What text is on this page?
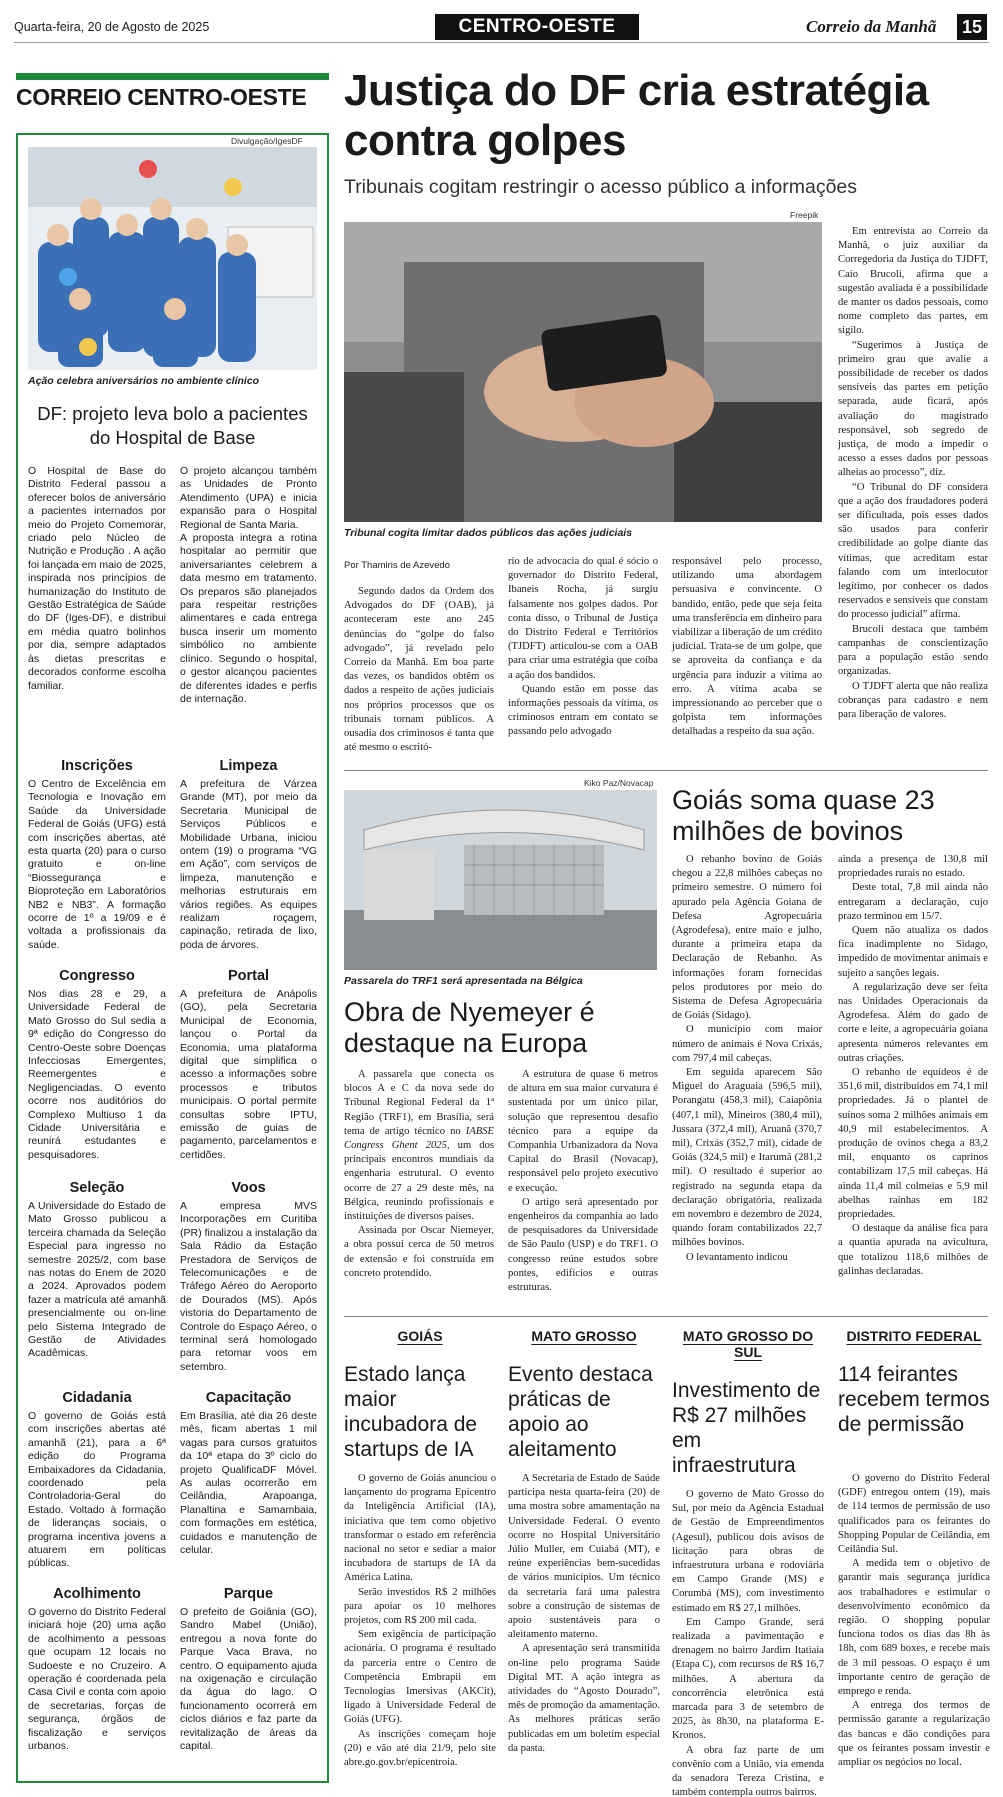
Quarta-feira, 20 de Agosto de 2025	CENTRO-OESTE	Correio da Manhã 15
CORREIO CENTRO-OESTE
Divulgação/IgesDF
Ação celebra aniversários no ambiente clínico
DF: projeto leva bolo a pacientes do Hospital de Base

O Hospital de Base do Distrito Federal passou a oferecer bolos de aniversário a pacientes internados por meio do Projeto Comemorar, criado pelo Núcleo de Nutrição e Produção . A ação foi lançada em maio de 2025, inspirada nos princípios de humanização do Instituto de Gestão Estratégica de Saúde do DF (Iges-DF), e distribui em média quatro bolinhos por dia, sempre adaptados às dietas prescritas e decorados conforme escolha familiar.

O projeto alcançou também as Unidades de Pronto Atendimento (UPA) e inicia expansão para o Hospital Regional de Santa Maria.

A proposta integra a rotina hospitalar ao permitir que aniversariantes celebrem a data mesmo em tratamento. Os preparos são planejados para respeitar restrições alimentares e cada entrega busca inserir um momento simbólico no ambiente clínico. Segundo o hospital, o gestor alcançou pacientes de diferentes idades e perfis de internação.

Inscrições
O Centro de Excelência em Tecnologia e Inovação em Saúde da Universidade Federal de Goiás (UFG) está com inscrições abertas, até esta quarta (20) para o curso gratuito e on-line “Biossegurança e Bioproteção em Laboratórios NB2 e NB3”. A formação ocorre de 1º a 19/09 e é voltada a profissionais da saúde.
Limpeza
A prefeitura de Várzea Grande (MT), por meio da Secretaria Municipal de Serviços Públicos e Mobilidade Urbana, iniciou ontem (19) o programa “VG em Ação”, com serviços de limpeza, manutenção e melhorias estruturais em vários regiões. As equipes realizam roçagem, capinação, retirada de lixo, poda de árvores.
Congresso
Nos dias 28 e 29, a Universidade Federal de Mato Grosso do Sul sedia a 9ª edição do Congresso do Centro-Oeste sobre Doenças Infecciosas Emergentes, Reemergentes e Negligenciadas. O evento ocorre nos auditórios do Complexo Multiuso 1 da Cidade Universitária e reunirá estudantes e pesquisadores.
Portal
A prefeitura de Anápolis (GO), pela Secretaria Municipal de Economia, lançou o Portal da Economia, uma plataforma digital que simplifica o acesso a informações sobre processos e tributos municipais. O portal permite consultas sobre IPTU, emissão de guias de pagamento, parcelamentos e certidões.
Seleção
A Universidade do Estado de Mato Grosso publicou a terceira chamada da Seleção Especial para ingresso no semestre 2025/2, com base nas notas do Enem de 2020 a 2024. Aprovados podem fazer a matrícula até amanhã presencialmente ou on-line pelo Sistema Integrado de Gestão de Atividades Acadêmicas.
Voos
A empresa MVS Incorporações em Curitiba (PR) finalizou a instalação da Sala Rádio da Estação Prestadora de Serviços de Telecomunicações e de Tráfego Aéreo do Aeroporto de Dourados (MS). Após vistoria do Departamento de Controle do Espaço Aéreo, o terminal será homologado para retomar voos em setembro.
Cidadania
O governo de Goiás está com inscrições abertas até amanhã (21), para a 6ª edição do Programa Embaixadores da Cidadania, coordenado pela Controladoria-Geral do Estado. Voltado à formação de lideranças sociais, o programa incentiva jovens a atuarem em políticas públicas.
Capacitação
Em Brasília, até dia 26 deste mês, ficam abertas 1 mil vagas para cursos gratuitos da 10ª etapa do 3º ciclo do projeto QualificaDF Móvel. As aulas ocorrerão em Ceilândia, Arapoanga, Planaltina e Samambaia, com formações em estética, cuidados e manutenção de celular.
Acolhimento
O governo do Distrito Federal iniciará hoje (20) uma ação de acolhimento a pessoas que ocupam 12 locais no Sudoeste e no Cruzeiro. A operação é coordenada pela Casa Civil e conta com apoio de secretarias, forças de segurança, órgãos de fiscalização e serviços urbanos.
Parque
O prefeito de Goiânia (GO), Sandro Mabel (União), entregou a nova fonte do Parque Vaca Brava, no centro. O equipamento ajuda na oxigenação e circulação da água do lago. O funcionamento ocorrerá em ciclos diários e faz parte da revitalização de áreas da capital.
Justiça do DF cria estratégia contra golpes
Tribunais cogitam restringir o acesso público a informações
Freepik
Tribunal cogita limitar dados públicos das ações judiciais
Por Thamiris de Azevedo

Segundo dados da Ordem dos Advogados do DF (OAB), já aconteceram este ano 245 denúncias do “golpe do falso advogado”, já revelado pelo Correio da Manhã. Em boa parte das vezes, os bandidos obtêm os dados a respeito de ações judiciais nos próprios processos que os tribunais tornam públicos. A ousadia dos criminosos é tanta que até mesmo o escritó-

rio de advocacia do qual é sócio o governador do Distrito Federal, Ibaneis Rocha, já surgiu falsamente nos golpes dados. Por conta disso, o Tribunal de Justiça do Distrito Federal e Territórios (TJDFT) articulou-se com a OAB para criar uma estratégia que coíba a ação dos bandidos.

Quando estão em posse das informações pessoais da vítima, os criminosos entram em contato se passando pelo advogado

responsável pelo processo, utilizando uma abordagem persuasiva e convincente. O bandido, então, pede que seja feita uma transferência em dinheiro para viabilizar a liberação de um crédito judicial. Trata-se de um golpe, que se aproveita da confiança e da urgência para induzir a vítima ao erro. A vítima acaba se impressionando ao perceber que o golpista tem informações detalhadas a respeito da sua ação.

Em entrevista ao Correio da Manhã, o juiz auxiliar da Corregedoria da Justiça do TJDFT, Caio Brucoli, afirma que a sugestão avaliada é a possibilidade de manter os dados pessoais, como nome completo das partes, em sigilo.

“Sugerimos à Justiça de primeiro grau que avalie a possibilidade de receber os dados sensíveis das partes em petição separada, aude ficará, após avaliação do magistrado responsável, sob segredo de justiça, de modo a impedir o acesso a esses dados por pessoas alheias ao processo”, diz.

“O Tribunal do DF considera que a ação dos fraudadores poderá ser dificultada, pois esses dados são usados para conferir credibilidade ao golpe diante das vítimas, que acreditam estar falando com um interlocutor legítimo, por conhecer os dados reservados e sensíveis que constam do processo judicial” afirma.

Brucoli destaca que também campanhas de conscientização para a população estão sendo organizadas.

O TJDFT alerta que não realiza cobranças para cadastro e nem para liberação de valores.

Kiko Paz/Novacap
Passarela do TRF1 será apresentada na Bélgica
Obra de Nyemeyer é destaque na Europa

A passarela que conecta os blocos A e C da nova sede do Tribunal Regional Federal da 1ª Região (TRF1), em Brasília, será tema de artigo técnico no IABSE Congress Ghent 2025, um dos principais encontros mundiais da engenharia estrutural. O evento ocorre de 27 a 29 deste mês, na Bélgica, reunindo profissionais e instituições de diversos países.

Assinada por Oscar Niemeyer, a obra possui cerca de 50 metros de extensão e foi construída em concreto protendido.

A estrutura de quase 6 metros de altura em sua maior curvatura é sustentada por um único pilar, solução que representou desafio técnico para a equipe da Companhia Urbanizadora da Nova Capital do Brasil (Novacap), responsável pelo projeto executivo e execução.

O artigo será apresentado por engenheiros da companhia ao lado de pesquisadores da Universidade de São Paulo (USP) e do TRF1. O congresso reúne estudos sobre pontes, edifícios e outras estruturas.

Goiás soma quase 23 milhões de bovinos

O rebanho bovino de Goiás chegou a 22,8 milhões cabeças no primeiro semestre. O número foi apurado pela Agência Goiana de Defesa Agropecuária (Agrodefesa), entre maio e julho, durante a primeira etapa da Declaração de Rebanho. As informações foram fornecidas pelos produtores por meio do Sistema de Defesa Agropecuária de Goiás (Sidago).

O município com maior número de animais é Nova Crixás, com 797,4 mil cabeças.

Em seguida aparecem São Miguel do Araguaia (596,5 mil), Porangatu (458,3 mil), Caiapônia (407,1 mil), Mineiros (380,4 mil), Jussara (372,4 mil), Aruanã (370,7 mil), Crixás (352,7 mil), cidade de Goiás (324,5 mil) e Itarumã (281,2 mil). O resultado é superior ao registrado na segunda etapa da declaração obrigatória, realizada em novembro e dezembro de 2024, quando foram contabilizados 22,7 milhões bovinos.

O levantamento indicou

ainda a presença de 130,8 mil propriedades rurais no estado.

Deste total, 7,8 mil ainda não entregaram a declaração, cujo prazo terminou em 15/7.

Quem não atualiza os dados fica inadimplente no Sidago, impedido de movimentar animais e sujeito a sanções legais.

A regularização deve ser feita nas Unidades Operacionais da Agrodefesa. Além do gado de corte e leite, a agropecuária goiana apresenta números relevantes em outras criações.

O rebanho de equídeos é de 351,6 mil, distribuídos em 74,1 mil propriedades. Já o plantel de suínos soma 2 milhões animais em 40,9 mil estabelecimentos. A produção de ovinos chega a 83,2 mil, enquanto os caprinos contabilizam 17,5 mil cabeças. Há ainda 11,4 mil colmeias e 5,9 mil abelhas rainhas em 182 propriedades.

O destaque da análise fica para a quantia apurada na avicultura, que totalizou 118,6 milhões de galinhas declaradas.

GOIÁS
Estado lança maior incubadora de startups de IA

O governo de Goiás anunciou o lançamento do programa Epicentro da Inteligência Artificial (IA), iniciativa que tem como objetivo transformar o estado em referência nacional no setor e sediar a maior incubadora de startups de IA da América Latina.

Serão investidos R$ 2 milhões para apoiar os 10 melhores projetos, com R$ 200 mil cada.

Sem exigência de participação acionária. O programa é resultado da parceria entre o Centro de Competência Embrapii em Tecnologias Imersivas (AKCit), ligado à Universidade Federal de Goiás (UFG).

As inscrições começam hoje (20) e vão até dia 21/9, pelo site abre.go.gov.br/epicentroia.

MATO GROSSO
Evento destaca práticas de apoio ao aleitamento

A Secretaria de Estado de Saúde participa nesta quarta-feira (20) de uma mostra sobre amamentação na Universidade Federal. O evento ocorre no Hospital Universitário Júlio Muller, em Cuiabá (MT), e reúne experiências bem-sucedidas de vários municípios. Um técnico da secretaria fará uma palestra sobre a construção de sistemas de apoio sustentáveis para o aleitamento materno.

A apresentação será transmitida on-line pelo programa Saúde Digital MT. A ação integra as atividades do “Agosto Dourado”, mês de promoção da amamentação. As melhores práticas serão publicadas em um boletim especial da pasta.

MATO GROSSO DO SUL
Investimento de R$ 27 milhões em infraestrutura

O governo de Mato Grosso do Sul, por meio da Agência Estadual de Gestão de Empreendimentos (Agesul), publicou dois avisos de licitação para obras de infraestrutura urbana e rodoviária em Campo Grande (MS) e Corumbá (MS), com investimento estimado em R$ 27,1 milhões.

Em Campo Grande, será realizada a pavimentação e drenagem no bairro Jardim Itatiaia (Etapa C), com recursos de R$ 16,7 milhões. A abertura da concorrência eletrônica está marcada para 3 de setembro de 2025, às 8h30, na plataforma E-Kronos.

A obra faz parte de um convênio com a União, via emenda da senadora Tereza Cristina, e também contempla outros bairros.

DISTRITO FEDERAL
114 feirantes recebem termos de permissão

O governo do Distrito Federal (GDF) entregou ontem (19), mais de 114 termos de permissão de uso qualificados para os feirantes do Shopping Popular de Ceilândia, em Ceilândia Sul.

A medida tem o objetivo de garantir mais segurança jurídica aos trabalhadores e estimular o desenvolvimento econômico da região. O shopping popular funciona todos os dias das 8h às 18h, com 689 boxes, e recebe mais de 3 mil pessoas. O espaço é um importante centro de geração de emprego e renda.

A entrega dos termos de permissão garante a regularização das bancas e dão condições para que os feirantes possam investir e ampliar os negócios no local.
